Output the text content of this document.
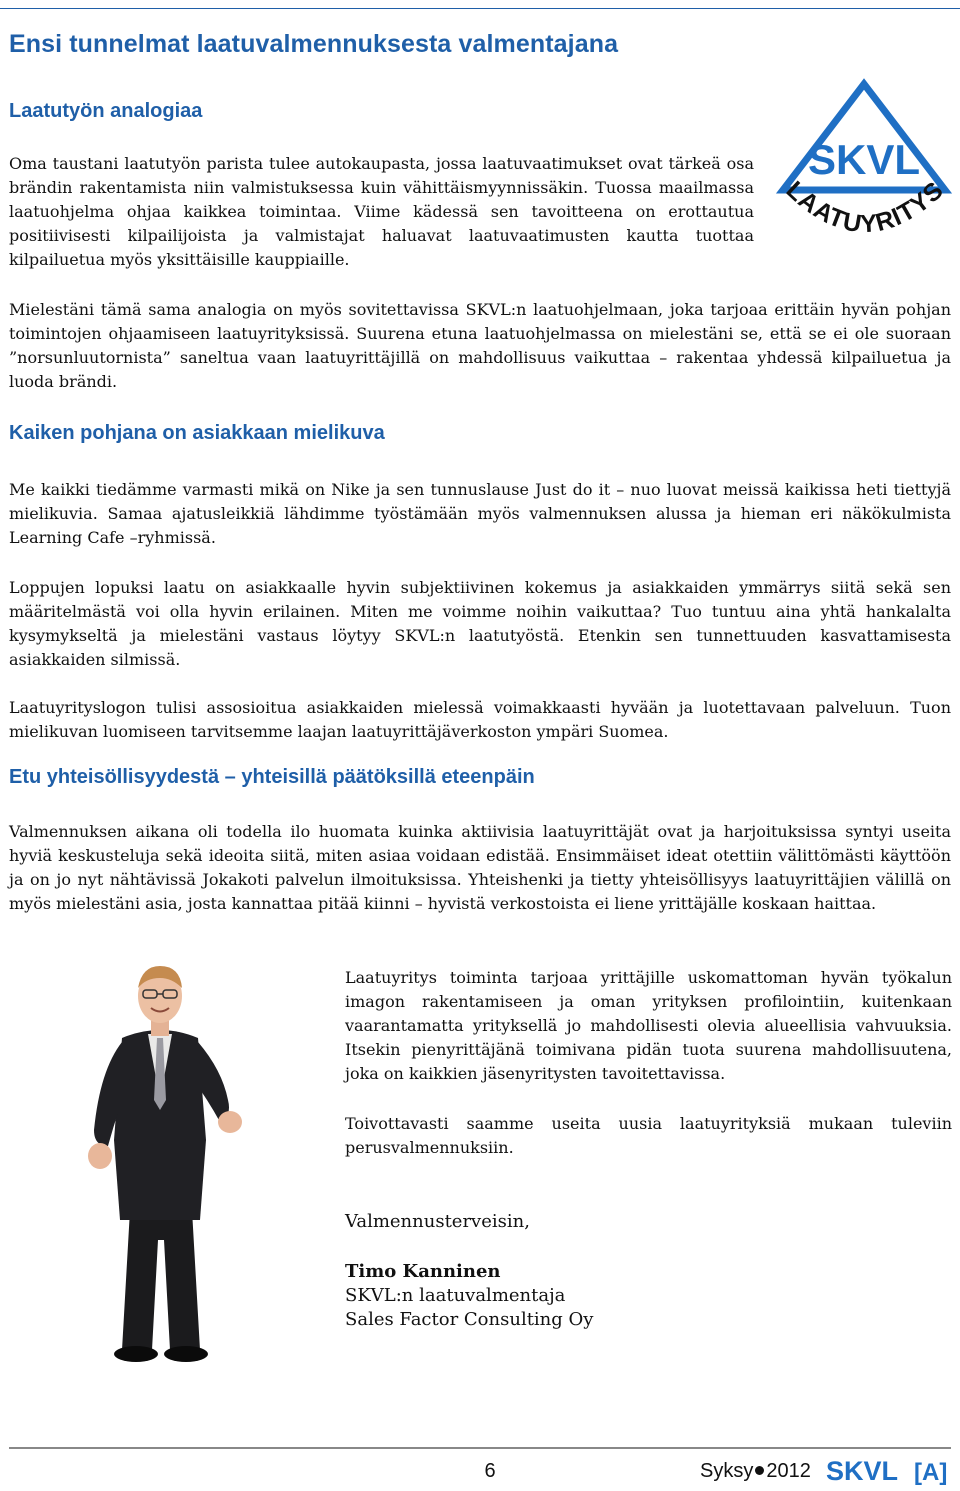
Ensi tunnelmat laatuvalmennuksesta valmentajana
Laatutyön analogiaa

Oma taustani laatutyön parista tulee autokaupasta, jossa laatuvaatimukset ovat tärkeä osa brändin rakentamista niin valmistuksessa kuin vähittäismyynnissäkin. Tuossa maailmassa laatuohjelma ohjaa kaikkea toimintaa. Viime kädessä sen tavoitteena on erottautua positiivisesti kilpailijoista ja valmistajat haluavat laatuvaatimusten kautta tuottaa kilpailuetua myös yksittäisille kauppiaille.

SKVL
LAATUYRITYS

Mielestäni tämä sama analogia on myös sovitettavissa SKVL:n laatuohjelmaan, joka tarjoaa erittäin hyvän pohjan toimintojen ohjaamiseen laatuyrityksissä. Suurena etuna laatuohjelmassa on mielestäni se, että se ei ole suoraan ”norsunluutornista” saneltua vaan laatuyrittäjillä on mahdollisuus vaikuttaa – rakentaa yhdessä kilpailuetua ja luoda brändi.

Kaiken pohjana on asiakkaan mielikuva

Me kaikki tiedämme varmasti mikä on Nike ja sen tunnuslause Just do it – nuo luovat meissä kaikissa heti tiettyjä mielikuvia. Samaa ajatusleikkiä lähdimme työstämään myös valmennuksen alussa ja hieman eri näkökulmista Learning Cafe –ryhmissä.

Loppujen lopuksi laatu on asiakkaalle hyvin subjektiivinen kokemus ja asiakkaiden ymmärrys siitä sekä sen määritelmästä voi olla hyvin erilainen. Miten me voimme noihin vaikuttaa? Tuo tuntuu aina yhtä hankalalta kysymykseltä ja mielestäni vastaus löytyy SKVL:n laatutyöstä. Etenkin sen tunnettuuden kasvattamisesta asiakkaiden silmissä.

Laatuyrityslogon tulisi assosioitua asiakkaiden mielessä voimakkaasti hyvään ja luotettavaan palveluun. Tuon mielikuvan luomiseen tarvitsemme laajan laatuyrittäjäverkoston ympäri Suomea.

Etu yhteisöllisyydestä – yhteisillä päätöksillä eteenpäin

Valmennuksen aikana oli todella ilo huomata kuinka aktiivisia laatuyrittäjät ovat ja harjoituksissa syntyi useita hyviä keskusteluja sekä ideoita siitä, miten asiaa voidaan edistää. Ensimmäiset ideat otettiin välittömästi käyttöön ja on jo nyt nähtävissä Jokakoti palvelun ilmoituksissa. Yhteishenki ja tietty yhteisöllisyys laatuyrittäjien välillä on myös mielestäni asia, josta kannattaa pitää kiinni – hyvistä verkostoista ei liene yrittäjälle koskaan haittaa.

Laatuyritys toiminta tarjoaa yrittäjille uskomattoman hyvän työkalun imagon rakentamiseen ja oman yrityksen profilointiin, kuitenkaan vaarantamatta yrityksellä jo mahdollisesti olevia alueellisia vahvuuksia. Itsekin pienyrittäjänä toimivana pidän tuota suurena mahdollisuutena, joka on kaikkien jäsenyritysten tavoitettavissa.

Toivottavasti saamme useita uusia laatuyrityksiä mukaan tuleviin perusvalmennuksiin.

Valmennusterveisin,

Timo Kanninen

SKVL:n laatuvalmentaja

Sales Factor Consulting Oy

6	Syksy 2012 SKVL [A]
